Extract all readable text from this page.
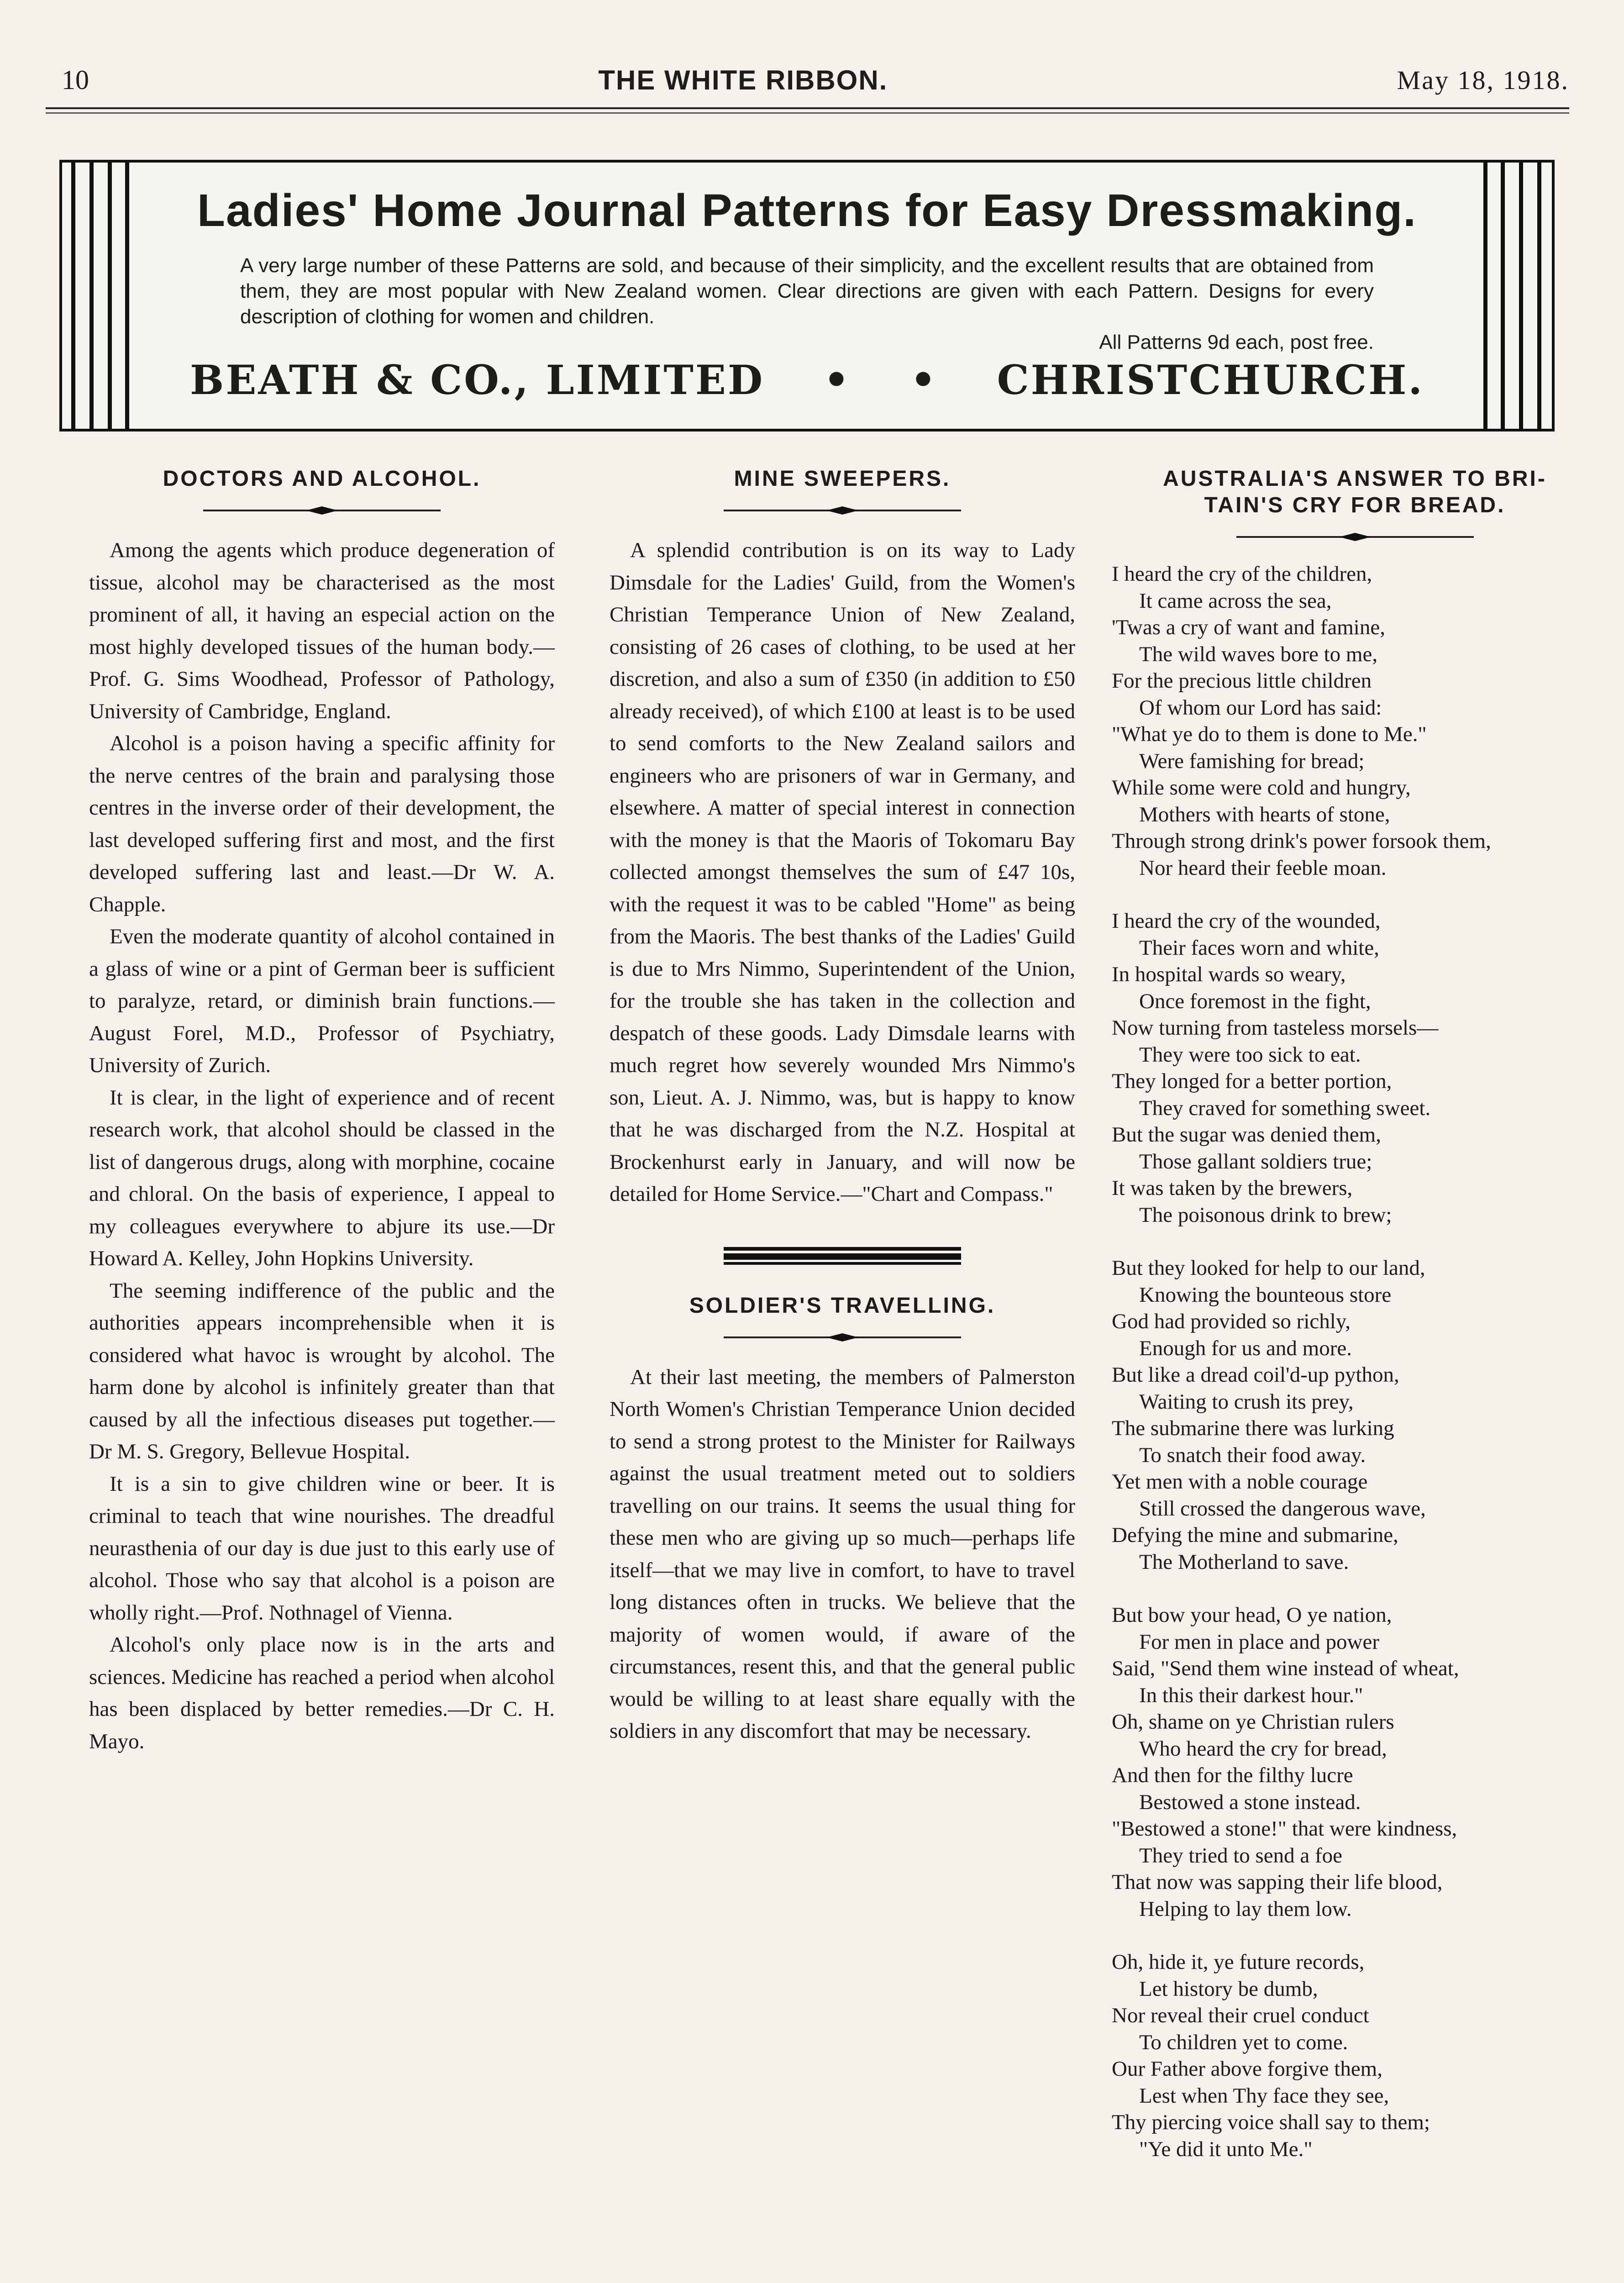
10	THE WHITE RIBBON.	May 18, 1918.
Ladies' Home Journal Patterns for Easy Dressmaking.

A very large number of these Patterns are sold, and because of their simplicity, and the excellent results that are obtained from them, they are most popular with New Zealand women. Clear directions are given with each Pattern. Designs for every description of clothing for women and children.

All Patterns 9d each, post free.

BEATH & CO., LIMITED • • CHRISTCHURCH.
DOCTORS AND ALCOHOL.

Among the agents which produce degeneration of tissue, alcohol may be characterised as the most prominent of all, it having an especial action on the most highly developed tissues of the human body.—Prof. G. Sims Woodhead, Professor of Pathology, University of Cambridge, England.

Alcohol is a poison having a specific affinity for the nerve centres of the brain and paralysing those centres in the inverse order of their development, the last developed suffering first and most, and the first developed suffering last and least.—Dr W. A. Chapple.

Even the moderate quantity of alcohol contained in a glass of wine or a pint of German beer is sufficient to paralyze, retard, or diminish brain functions.—August Forel, M.D., Professor of Psychiatry, University of Zurich.

It is clear, in the light of experience and of recent research work, that alcohol should be classed in the list of dangerous drugs, along with morphine, cocaine and chloral. On the basis of experience, I appeal to my colleagues everywhere to abjure its use.—Dr Howard A. Kelley, John Hopkins University.

The seeming indifference of the public and the authorities appears incomprehensible when it is considered what havoc is wrought by alcohol. The harm done by alcohol is infinitely greater than that caused by all the infectious diseases put together.—Dr M. S. Gregory, Bellevue Hospital.

It is a sin to give children wine or beer. It is criminal to teach that wine nourishes. The dreadful neurasthenia of our day is due just to this early use of alcohol. Those who say that alcohol is a poison are wholly right.—Prof. Nothnagel of Vienna.

Alcohol's only place now is in the arts and sciences. Medicine has reached a period when alcohol has been displaced by better remedies.—Dr C. H. Mayo.

MINE SWEEPERS.

A splendid contribution is on its way to Lady Dimsdale for the Ladies' Guild, from the Women's Christian Temperance Union of New Zealand, consisting of 26 cases of clothing, to be used at her discretion, and also a sum of £350 (in addition to £50 already received), of which £100 at least is to be used to send comforts to the New Zealand sailors and engineers who are prisoners of war in Germany, and elsewhere. A matter of special interest in connection with the money is that the Maoris of Tokomaru Bay collected amongst themselves the sum of £47 10s, with the request it was to be cabled "Home" as being from the Maoris. The best thanks of the Ladies' Guild is due to Mrs Nimmo, Superintendent of the Union, for the trouble she has taken in the collection and despatch of these goods. Lady Dimsdale learns with much regret how severely wounded Mrs Nimmo's son, Lieut. A. J. Nimmo, was, but is happy to know that he was discharged from the N.Z. Hospital at Brockenhurst early in January, and will now be detailed for Home Service.—"Chart and Compass."

SOLDIER'S TRAVELLING.

At their last meeting, the members of Palmerston North Women's Christian Temperance Union decided to send a strong protest to the Minister for Railways against the usual treatment meted out to soldiers travelling on our trains. It seems the usual thing for these men who are giving up so much—perhaps life itself—that we may live in comfort, to have to travel long distances often in trucks. We believe that the majority of women would, if aware of the circumstances, resent this, and that the general public would be willing to at least share equally with the soldiers in any discomfort that may be necessary.

AUSTRALIA'S ANSWER TO BRI-
TAIN'S CRY FOR BREAD.
I heard the cry of the children,
It came across the sea,
'Twas a cry of want and famine,
The wild waves bore to me,
For the precious little children
Of whom our Lord has said:
"What ye do to them is done to Me."
Were famishing for bread;
While some were cold and hungry,
Mothers with hearts of stone,
Through strong drink's power forsook them,
Nor heard their feeble moan.
I heard the cry of the wounded,
Their faces worn and white,
In hospital wards so weary,
Once foremost in the fight,
Now turning from tasteless morsels—
They were too sick to eat.
They longed for a better portion,
They craved for something sweet.
But the sugar was denied them,
Those gallant soldiers true;
It was taken by the brewers,
The poisonous drink to brew;
But they looked for help to our land,
Knowing the bounteous store
God had provided so richly,
Enough for us and more.
But like a dread coil'd-up python,
Waiting to crush its prey,
The submarine there was lurking
To snatch their food away.
Yet men with a noble courage
Still crossed the dangerous wave,
Defying the mine and submarine,
The Motherland to save.
But bow your head, O ye nation,
For men in place and power
Said, "Send them wine instead of wheat,
In this their darkest hour."
Oh, shame on ye Christian rulers
Who heard the cry for bread,
And then for the filthy lucre
Bestowed a stone instead.
"Bestowed a stone!" that were kindness,
They tried to send a foe
That now was sapping their life blood,
Helping to lay them low.
Oh, hide it, ye future records,
Let history be dumb,
Nor reveal their cruel conduct
To children yet to come.
Our Father above forgive them,
Lest when Thy face they see,
Thy piercing voice shall say to them;
"Ye did it unto Me."
